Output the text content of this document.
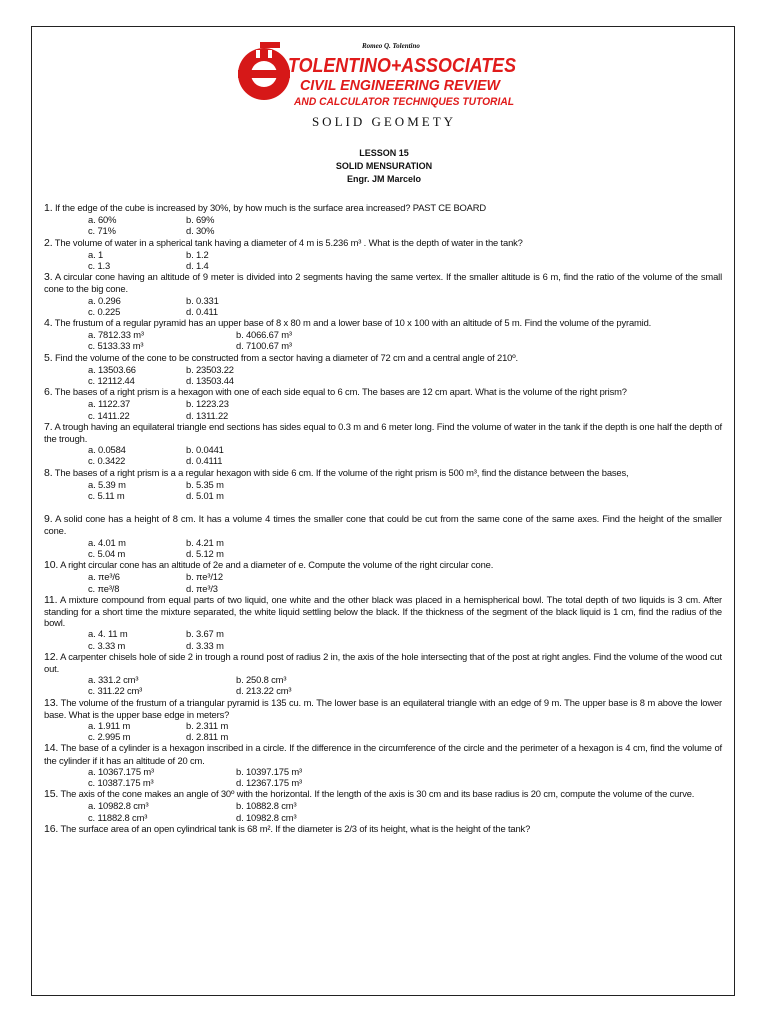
Romeo Q. Tolentino
TOLENTINO+ASSOCIATES
CIVIL ENGINEERING REVIEW
AND CALCULATOR TECHNIQUES TUTORIAL
SOLID GEOMETY
LESSON 15
SOLID MENSURATION
Engr. JM Marcelo
1. If the edge of the cube is increased by 30%, by how much is the surface area increased? PAST CE BOARD
a. 60%	b. 69%
c. 71%	d. 30%
2. The volume of water in a spherical tank having a diameter of 4 m is 5.236 m³ . What is the depth of water in the tank?
a. 1	b. 1.2
c. 1.3	d. 1.4
3. A circular cone having an altitude of 9 meter is divided into 2 segments having the same vertex. If the smaller altitude is 6 m, find the ratio of the volume of the small cone to the big cone.
a. 0.296	b. 0.331
c. 0.225	d. 0.411
4. The frustum of a regular pyramid has an upper base of 8 x 80 m and a lower base of 10 x 100 with an altitude of 5 m. Find the volume of the pyramid.
a. 7812.33 m³	b. 4066.67 m³
c. 5133.33 m³	d. 7100.67 m³
5. Find the volume of the cone to be constructed from a sector having a diameter of 72 cm and a central angle of 210º.
a. 13503.66	b. 23503.22
c. 12112.44	d. 13503.44
6. The bases of a right prism is a hexagon with one of each side equal to 6 cm. The bases are 12 cm apart. What is the volume of the right prism?
a. 1122.37	b. 1223.23
c. 1411.22	d. 1311.22
7. A trough having an equilateral triangle end sections has sides equal to 0.3 m and 6 meter long. Find the volume of water in the tank if the depth is one half the depth of the trough.
a. 0.0584	b. 0.0441
c. 0.3422	d. 0.4111
8. The bases of a right prism is a a regular hexagon with side 6 cm. If the volume of the right prism is 500 m³, find the distance between the bases,
a. 5.39 m	b. 5.35 m
c. 5.11 m	d. 5.01 m
9. A solid cone has a height of 8 cm. It has a volume 4 times the smaller cone that could be cut from the same cone of the same axes. Find the height of the smaller cone.
a. 4.01 m	b. 4.21 m
c. 5.04 m	d. 5.12 m
10. A right circular cone has an altitude of 2e and a diameter of e. Compute the volume of the right circular cone.
a. πe³/6	b. πe³/12
c. πe³/8	d. πe³/3
11. A mixture compound from equal parts of two liquid, one white and the other black was placed in a hemispherical bowl. The total depth of two liquids is 3 cm. After standing for a short time the mixture separated, the white liquid settling below the black. If the thickness of the segment of the black liquid is 1 cm, find the radius of the bowl.
a. 4. 11 m	b. 3.67 m
c. 3.33 m	d. 3.33 m
12. A carpenter chisels hole of side 2 in trough a round post of radius 2 in, the axis of the hole intersecting that of the post at right angles. Find the volume of the wood cut out.
a. 331.2 cm³	b. 250.8 cm³
c. 311.22 cm³	d. 213.22 cm³
13. The volume of the frustum of a triangular pyramid is 135 cu. m. The lower base is an equilateral triangle with an edge of 9 m. The upper base is 8 m above the lower base. What is the upper base edge in meters?
a. 1.911 m	b. 2.311 m
c. 2.995 m	d. 2.811 m
14. The base of a cylinder is a hexagon inscribed in a circle. If the difference in the circumference of the circle and the perimeter of a hexagon is 4 cm, find the volume of the cylinder if it has an altitude of 20 cm.
a. 10367.175 m³	b. 10397.175 m³
c. 10387.175 m³	d. 12367.175 m³
15. The axis of the cone makes an angle of 30º with the horizontal. If the length of the axis is 30 cm and its base radius is 20 cm, compute the volume of the curve.
a. 10982.8 cm³	b. 10882.8 cm³
c. 11882.8 cm³	d. 10982.8 cm³
16. The surface area of an open cylindrical tank is 68 m². If the diameter is 2/3 of its height, what is the height of the tank?
